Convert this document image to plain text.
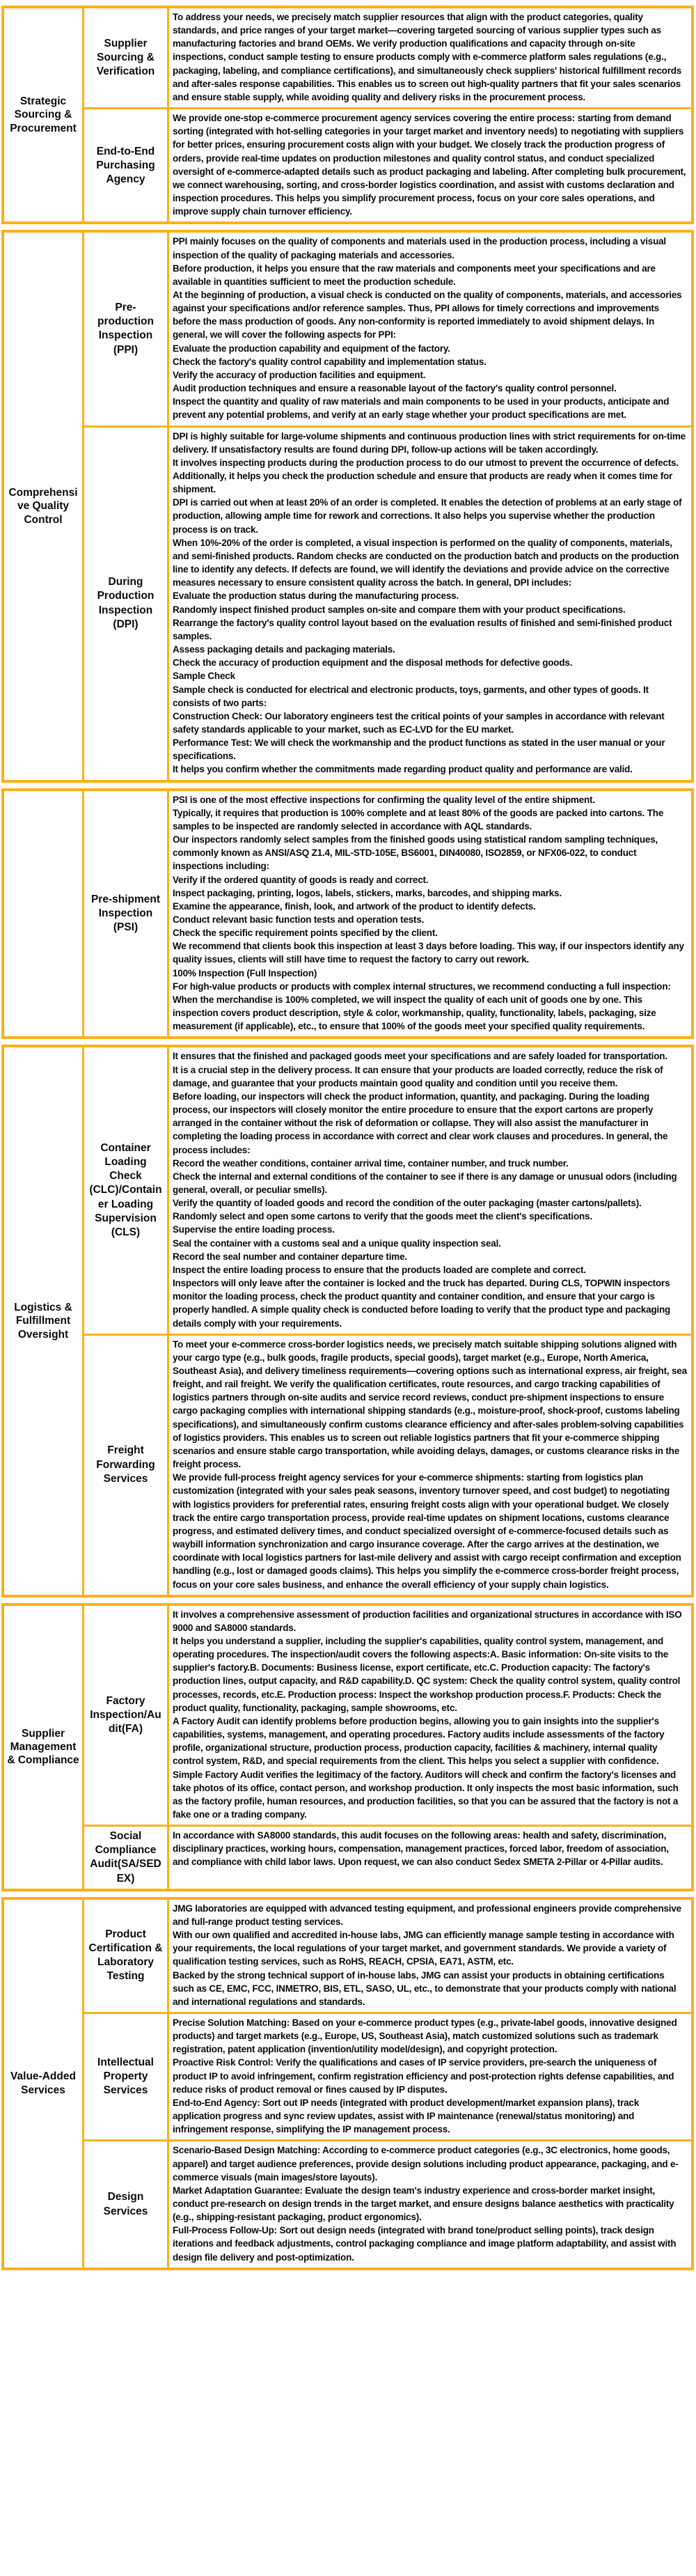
Strategic Sourcing & Procurement
Supplier Sourcing & Verification
To address your needs, we precisely match supplier resources that align with the product categories, quality standards, and price ranges of your target market—covering targeted sourcing of various supplier types such as manufacturing factories and brand OEMs. We verify production qualifications and capacity through on-site inspections, conduct sample testing to ensure products comply with e-commerce platform sales regulations (e.g., packaging, labeling, and compliance certifications), and simultaneously check suppliers' historical fulfillment records and after-sales response capabilities. This enables us to screen out high-quality partners that fit your sales scenarios and ensure stable supply, while avoiding quality and delivery risks in the procurement process.
End-to-End Purchasing Agency
We provide one-stop e-commerce procurement agency services covering the entire process: starting from demand sorting (integrated with hot-selling categories in your target market and inventory needs) to negotiating with suppliers for better prices, ensuring procurement costs align with your budget. We closely track the production progress of orders, provide real-time updates on production milestones and quality control status, and conduct specialized oversight of e-commerce-adapted details such as product packaging and labeling. After completing bulk procurement, we connect warehousing, sorting, and cross-border logistics coordination, and assist with customs declaration and inspection procedures. This helps you simplify procurement process, focus on your core sales operations, and improve supply chain turnover efficiency.
Comprehensive Quality Control
Pre-production Inspection (PPI)
PPI mainly focuses on the quality of components and materials used in the production process, including a visual inspection of the quality of packaging materials and accessories.
Before production, it helps you ensure that the raw materials and components meet your specifications and are available in quantities sufficient to meet the production schedule.
At the beginning of production, a visual check is conducted on the quality of components, materials, and accessories against your specifications and/or reference samples. Thus, PPI allows for timely corrections and improvements before the mass production of goods. Any non-conformity is reported immediately to avoid shipment delays. In general, we will cover the following aspects for PPI:
Evaluate the production capability and equipment of the factory.
Check the factory's quality control capability and implementation status.
Verify the accuracy of production facilities and equipment.
Audit production techniques and ensure a reasonable layout of the factory's quality control personnel.
Inspect the quantity and quality of raw materials and main components to be used in your products, anticipate and prevent any potential problems, and verify at an early stage whether your product specifications are met.
During Production Inspection (DPI)
DPI is highly suitable for large-volume shipments and continuous production lines with strict requirements for on-time delivery. If unsatisfactory results are found during DPI, follow-up actions will be taken accordingly.
It involves inspecting products during the production process to do our utmost to prevent the occurrence of defects. Additionally, it helps you check the production schedule and ensure that products are ready when it comes time for shipment.
DPI is carried out when at least 20% of an order is completed. It enables the detection of problems at an early stage of production, allowing ample time for rework and corrections. It also helps you supervise whether the production process is on track.
When 10%-20% of the order is completed, a visual inspection is performed on the quality of components, materials, and semi-finished products. Random checks are conducted on the production batch and products on the production line to identify any defects. If defects are found, we will identify the deviations and provide advice on the corrective measures necessary to ensure consistent quality across the batch. In general, DPI includes:
Evaluate the production status during the manufacturing process.
Randomly inspect finished product samples on-site and compare them with your product specifications.
Rearrange the factory's quality control layout based on the evaluation results of finished and semi-finished product samples.
Assess packaging details and packaging materials.
Check the accuracy of production equipment and the disposal methods for defective goods.
Sample Check
Sample check is conducted for electrical and electronic products, toys, garments, and other types of goods. It consists of two parts:
Construction Check: Our laboratory engineers test the critical points of your samples in accordance with relevant safety standards applicable to your market, such as EC-LVD for the EU market.
Performance Test: We will check the workmanship and the product functions as stated in the user manual or your specifications.
It helps you confirm whether the commitments made regarding product quality and performance are valid.
Pre-shipment Inspection (PSI)
PSI is one of the most effective inspections for confirming the quality level of the entire shipment.
Typically, it requires that production is 100% complete and at least 80% of the goods are packed into cartons. The samples to be inspected are randomly selected in accordance with AQL standards.
Our inspectors randomly select samples from the finished goods using statistical random sampling techniques, commonly known as ANSI/ASQ Z1.4, MIL-STD-105E, BS6001, DIN40080, ISO2859, or NFX06-022, to conduct inspections including:
Verify if the ordered quantity of goods is ready and correct.
Inspect packaging, printing, logos, labels, stickers, marks, barcodes, and shipping marks.
Examine the appearance, finish, look, and artwork of the product to identify defects.
Conduct relevant basic function tests and operation tests.
Check the specific requirement points specified by the client.
We recommend that clients book this inspection at least 3 days before loading. This way, if our inspectors identify any quality issues, clients will still have time to request the factory to carry out rework.
100% Inspection (Full Inspection)
For high-value products or products with complex internal structures, we recommend conducting a full inspection: When the merchandise is 100% completed, we will inspect the quality of each unit of goods one by one. This inspection covers product description, style & color, workmanship, quality, functionality, labels, packaging, size measurement (if applicable), etc., to ensure that 100% of the goods meet your specified quality requirements.
Logistics & Fulfillment Oversight
Container Loading Check (CLC)/Container Loading Supervision (CLS)
It ensures that the finished and packaged goods meet your specifications and are safely loaded for transportation.
It is a crucial step in the delivery process. It can ensure that your products are loaded correctly, reduce the risk of damage, and guarantee that your products maintain good quality and condition until you receive them.
Before loading, our inspectors will check the product information, quantity, and packaging. During the loading process, our inspectors will closely monitor the entire procedure to ensure that the export cartons are properly arranged in the container without the risk of deformation or collapse. They will also assist the manufacturer in completing the loading process in accordance with correct and clear work clauses and procedures. In general, the process includes:
Record the weather conditions, container arrival time, container number, and truck number.
Check the internal and external conditions of the container to see if there is any damage or unusual odors (including general, overall, or peculiar smells).
Verify the quantity of loaded goods and record the condition of the outer packaging (master cartons/pallets).
Randomly select and open some cartons to verify that the goods meet the client's specifications.
Supervise the entire loading process.
Seal the container with a customs seal and a unique quality inspection seal.
Record the seal number and container departure time.
Inspect the entire loading process to ensure that the products loaded are complete and correct.
Inspectors will only leave after the container is locked and the truck has departed. During CLS, TOPWIN inspectors monitor the loading process, check the product quantity and container condition, and ensure that your cargo is properly handled. A simple quality check is conducted before loading to verify that the product type and packaging details comply with your requirements.
Freight Forwarding Services
To meet your e-commerce cross-border logistics needs, we precisely match suitable shipping solutions aligned with your cargo type (e.g., bulk goods, fragile products, special goods), target market (e.g., Europe, North America, Southeast Asia), and delivery timeliness requirements—covering options such as international express, air freight, sea freight, and rail freight. We verify the qualification certificates, route resources, and cargo tracking capabilities of logistics partners through on-site audits and service record reviews, conduct pre-shipment inspections to ensure cargo packaging complies with international shipping standards (e.g., moisture-proof, shock-proof, customs labeling specifications), and simultaneously confirm customs clearance efficiency and after-sales problem-solving capabilities of logistics providers. This enables us to screen out reliable logistics partners that fit your e-commerce shipping scenarios and ensure stable cargo transportation, while avoiding delays, damages, or customs clearance risks in the freight process.
We provide full-process freight agency services for your e-commerce shipments: starting from logistics plan customization (integrated with your sales peak seasons, inventory turnover speed, and cost budget) to negotiating with logistics providers for preferential rates, ensuring freight costs align with your operational budget. We closely track the entire cargo transportation process, provide real-time updates on shipment locations, customs clearance progress, and estimated delivery times, and conduct specialized oversight of e-commerce-focused details such as waybill information synchronization and cargo insurance coverage. After the cargo arrives at the destination, we coordinate with local logistics partners for last-mile delivery and assist with cargo receipt confirmation and exception handling (e.g., lost or damaged goods claims). This helps you simplify the e-commerce cross-border freight process, focus on your core sales business, and enhance the overall efficiency of your supply chain logistics.
Supplier Management & Compliance
Factory Inspection/Audit(FA)
It involves a comprehensive assessment of production facilities and organizational structures in accordance with ISO 9000 and SA8000 standards.
It helps you understand a supplier, including the supplier's capabilities, quality control system, management, and operating procedures. The inspection/audit covers the following aspects:A. Basic information: On-site visits to the supplier's factory.B. Documents: Business license, export certificate, etc.C. Production capacity: The factory's production lines, output capacity, and R&D capability.D. QC system: Check the quality control system, quality control processes, records, etc.E. Production process: Inspect the workshop production process.F. Products: Check the product quality, functionality, packaging, sample showrooms, etc.
A Factory Audit can identify problems before production begins, allowing you to gain insights into the supplier's capabilities, systems, management, and operating procedures. Factory audits include assessments of the factory profile, organizational structure, production process, production capacity, facilities & machinery, internal quality control system, R&D, and special requirements from the client. This helps you select a supplier with confidence.
Simple Factory Audit verifies the legitimacy of the factory. Auditors will check and confirm the factory's licenses and take photos of its office, contact person, and workshop production. It only inspects the most basic information, such as the factory profile, human resources, and production facilities, so that you can be assured that the factory is not a fake one or a trading company.
Social Compliance Audit(SA/SEDEX)
In accordance with SA8000 standards, this audit focuses on the following areas: health and safety, discrimination, disciplinary practices, working hours, compensation, management practices, forced labor, freedom of association, and compliance with child labor laws. Upon request, we can also conduct Sedex SMETA 2-Pillar or 4-Pillar audits.
Value-Added Services
Product Certification & Laboratory Testing
JMG laboratories are equipped with advanced testing equipment, and professional engineers provide comprehensive and full-range product testing services.
With our own qualified and accredited in-house labs, JMG can efficiently manage sample testing in accordance with your requirements, the local regulations of your target market, and government standards. We provide a variety of qualification testing services, such as RoHS, REACH, CPSIA, EA71, ASTM, etc.
Backed by the strong technical support of in-house labs, JMG can assist your products in obtaining certifications such as CE, EMC, FCC, INMETRO, BIS, ETL, SASO, UL, etc., to demonstrate that your products comply with national and international regulations and standards.
Intellectual Property Services
Precise Solution Matching: Based on your e-commerce product types (e.g., private-label goods, innovative designed products) and target markets (e.g., Europe, US, Southeast Asia), match customized solutions such as trademark registration, patent application (invention/utility model/design), and copyright protection.
Proactive Risk Control: Verify the qualifications and cases of IP service providers, pre-search the uniqueness of product IP to avoid infringement, confirm registration efficiency and post-protection rights defense capabilities, and reduce risks of product removal or fines caused by IP disputes.
End-to-End Agency: Sort out IP needs (integrated with product development/market expansion plans), track application progress and sync review updates, assist with IP maintenance (renewal/status monitoring) and infringement response, simplifying the IP management process.
Design Services
Scenario-Based Design Matching: According to e-commerce product categories (e.g., 3C electronics, home goods, apparel) and target audience preferences, provide design solutions including product appearance, packaging, and e-commerce visuals (main images/store layouts).
Market Adaptation Guarantee: Evaluate the design team's industry experience and cross-border market insight, conduct pre-research on design trends in the target market, and ensure designs balance aesthetics with practicality (e.g., shipping-resistant packaging, product ergonomics).
Full-Process Follow-Up: Sort out design needs (integrated with brand tone/product selling points), track design iterations and feedback adjustments, control packaging compliance and image platform adaptability, and assist with design file delivery and post-optimization.
